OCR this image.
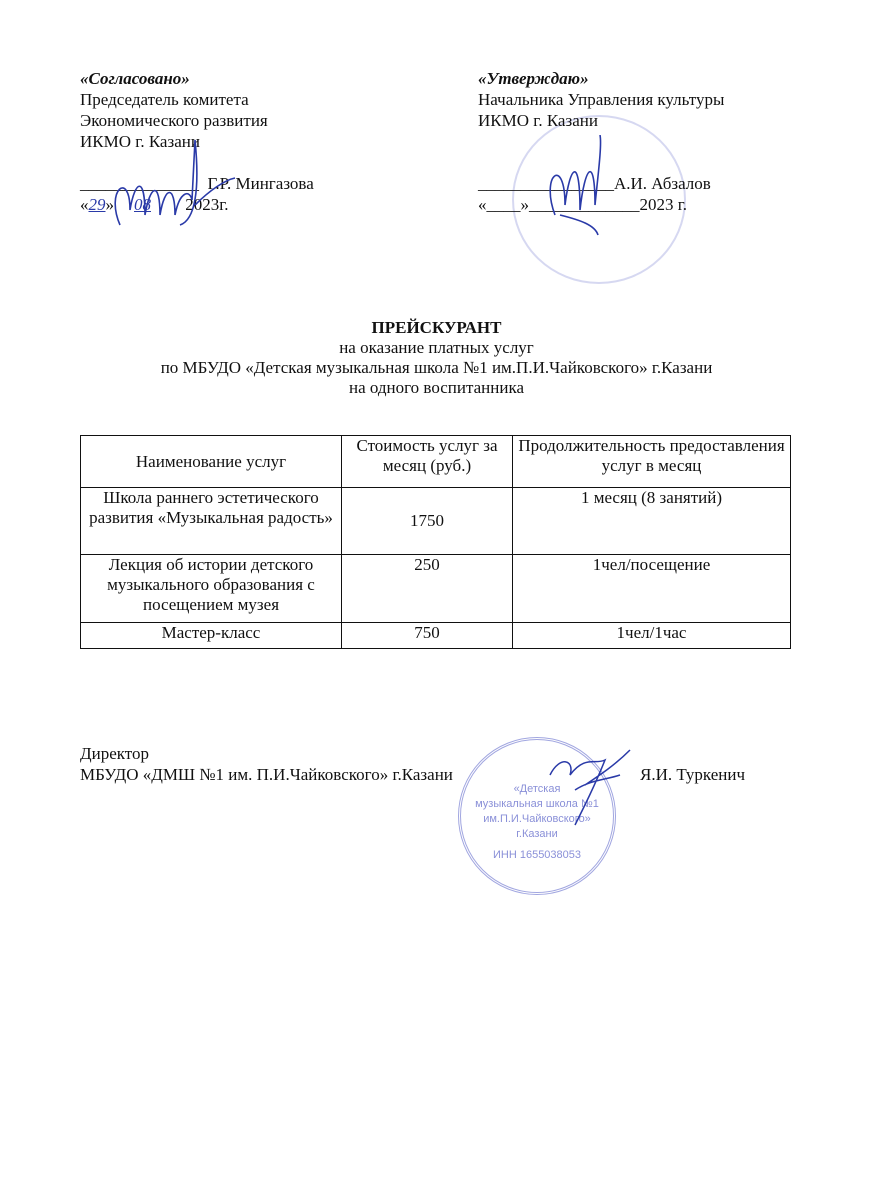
«Согласовано»
Председатель комитета
Экономического развития
ИКМО г. Казани
______________  Г.Р. Мингазова
«29» 08 2023г.
«Утверждаю»
Начальника Управления культуры
ИКМО г. Казани
________________А.И. Абзалов
«____»_____________2023 г.
ПРЕЙСКУРАНТ
на оказание платных услуг
по МБУДО «Детская музыкальная школа №1 им.П.И.Чайковского» г.Казани
на одного воспитанника
Наименование услуг	Стоимость услуг за месяц (руб.)	Продолжительность предоставления услуг в месяц
Школа раннего эстетического развития «Музыкальная радость»	1750	1 месяц (8 занятий)
Лекция об истории детского музыкального образования с посещением музея	250	1чел/посещение
Мастер-класс	750	1чел/1час
«Детская
музыкальная школа №1
им.П.И.Чайковского»
г.Казани
ИНН 1655038053
Директор
МБУДО «ДМШ №1 им. П.И.Чайковского» г.Казани	Я.И. Туркенич
